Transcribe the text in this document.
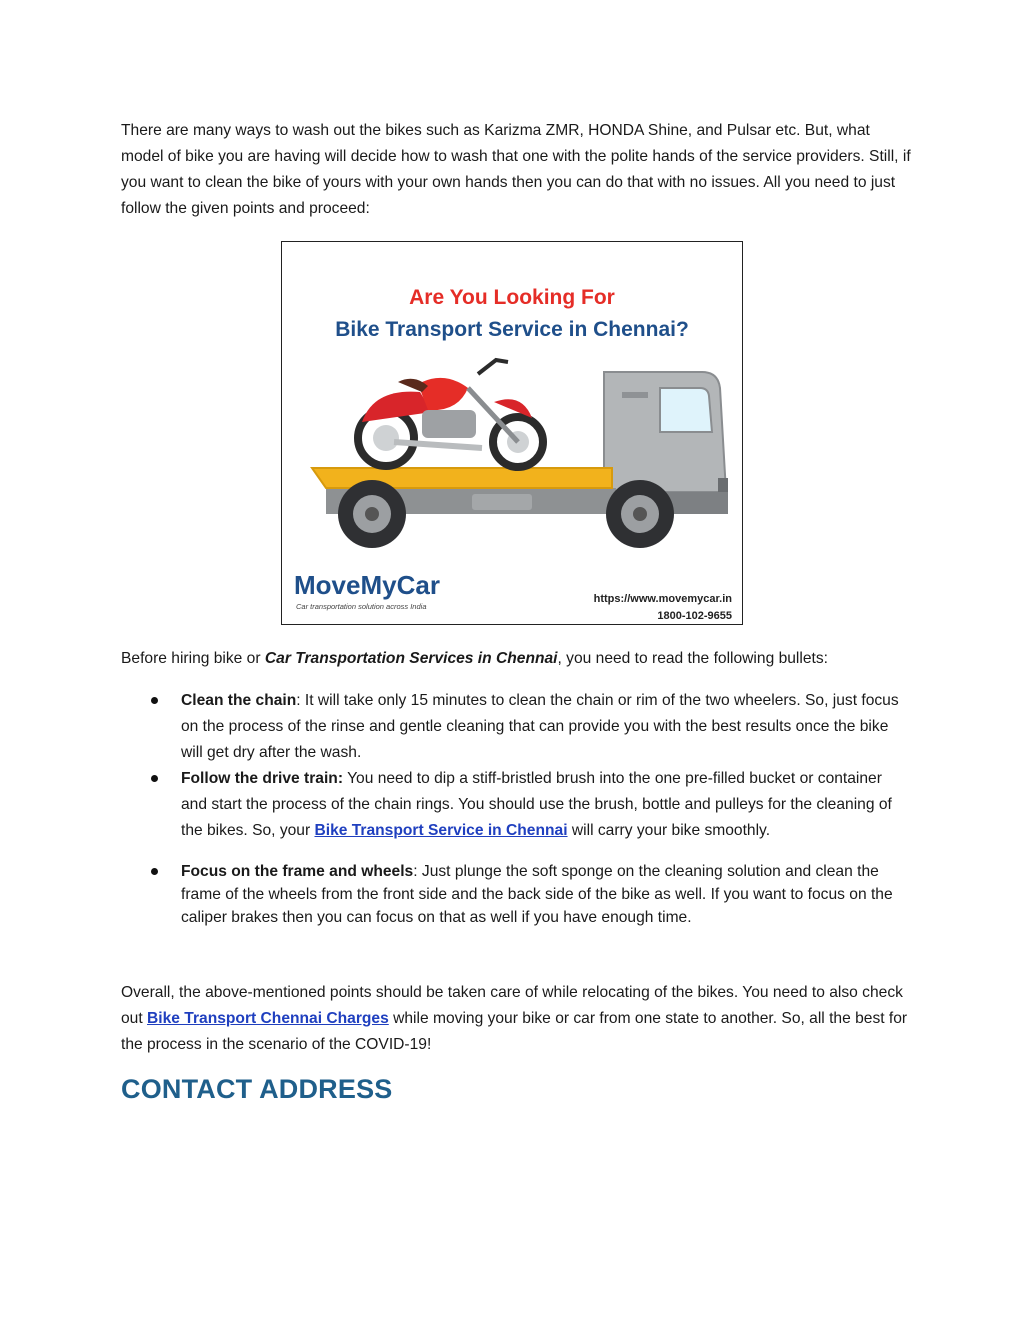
There are many ways to wash out the bikes such as Karizma ZMR, HONDA Shine, and Pulsar etc. But, what model of bike you are having will decide how to wash that one with the polite hands of the service providers. Still, if you want to clean the bike of yours with your own hands then you can do that with no issues. All you need to just follow the given points and proceed:

Are You Looking For
Bike Transport Service in Chennai?
MoveMyCar
Car transportation solution across India
https://www.movemycar.in
1800-102-9655

Before hiring bike or Car Transportation Services in Chennai, you need to read the following bullets:

Clean the chain: It will take only 15 minutes to clean the chain or rim of the two wheelers. So, just focus on the process of the rinse and gentle cleaning that can provide you with the best results once the bike will get dry after the wash.
Follow the drive train: You need to dip a stiff-bristled brush into the one pre-filled bucket or container and start the process of the chain rings. You should use the brush, bottle and pulleys for the cleaning of the bikes. So, your Bike Transport Service in Chennai will carry your bike smoothly.
Focus on the frame and wheels: Just plunge the soft sponge on the cleaning solution and clean the frame of the wheels from the front side and the back side of the bike as well. If you want to focus on the caliper brakes then you can focus on that as well if you have enough time.

Overall, the above-mentioned points should be taken care of while relocating of the bikes. You need to also check out Bike Transport Chennai Charges while moving your bike or car from one state to another. So, all the best for the process in the scenario of the COVID-19!

CONTACT ADDRESS
